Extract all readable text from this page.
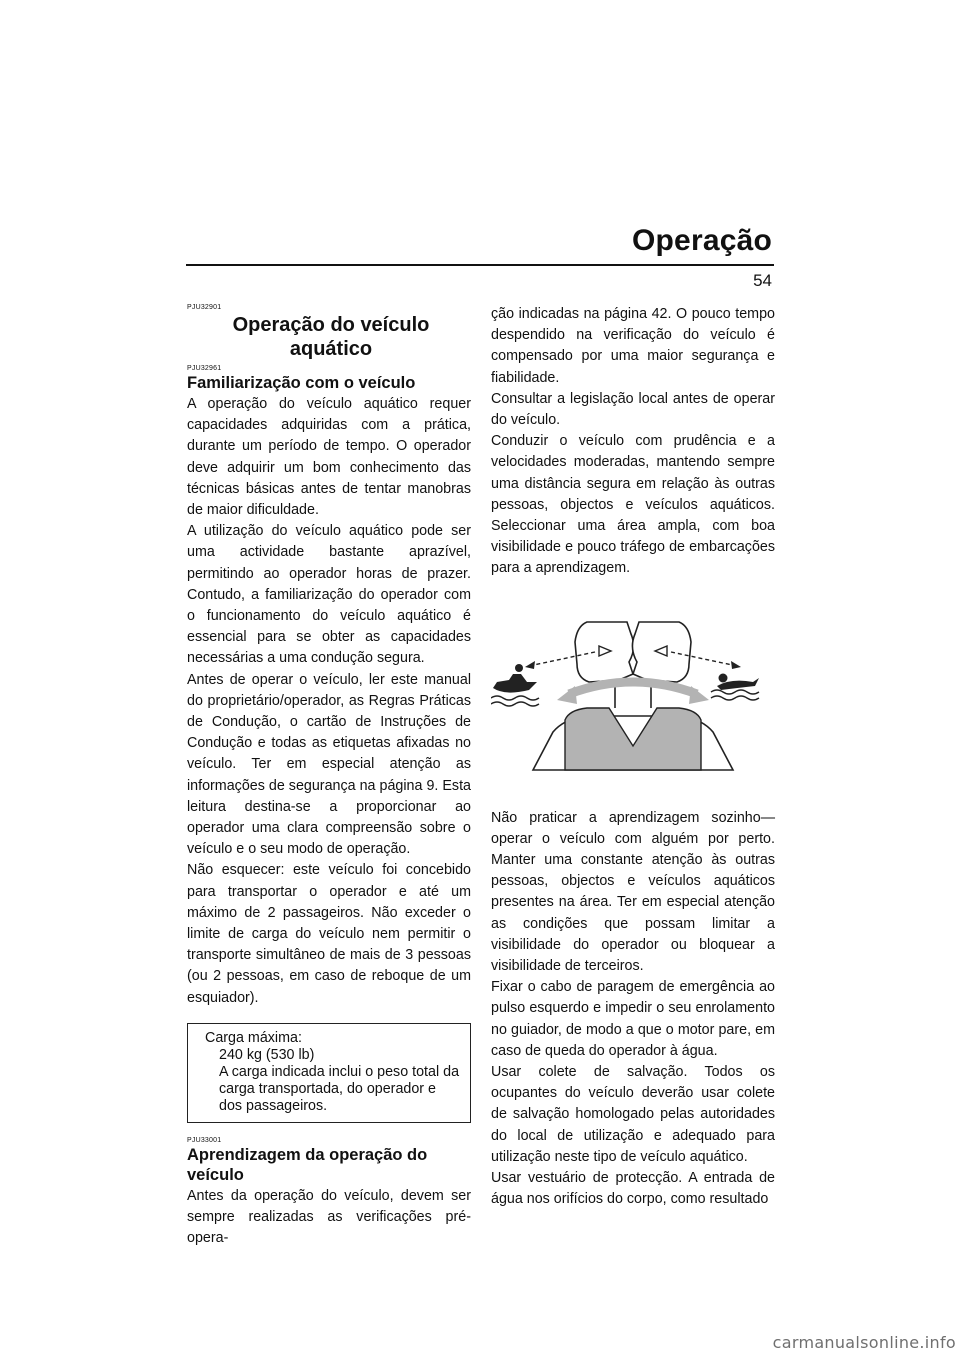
Operação
54

PJU32901

Operação do veículo aquático

PJU32961

Familiarização com o veículo

A operação do veículo aquático requer capacidades adquiridas com a prática, durante um período de tempo. O operador deve adquirir um bom conhecimento das técnicas básicas antes de tentar manobras de maior dificuldade.

A utilização do veículo aquático pode ser uma actividade bastante aprazível, permitindo ao operador horas de prazer. Contudo, a familiarização do operador com o funcionamento do veículo aquático é essencial para se obter as capacidades necessárias a uma condução segura.

Antes de operar o veículo, ler este manual do proprietário/operador, as Regras Práticas de Condução, o cartão de Instruções de Condução e todas as etiquetas afixadas no veículo. Ter em especial atenção as informações de segurança na página 9. Esta leitura destina-se a proporcionar ao operador uma clara compreensão sobre o veículo e o seu modo de operação.

Não esquecer: este veículo foi concebido para transportar o operador e até um máximo de 2 passageiros. Não exceder o limite de carga do veículo nem permitir o transporte simultâneo de mais de 3 pessoas (ou 2 pessoas, em caso de reboque de um esquiador).

Carga máxima:
240 kg (530 lb)
A carga indicada inclui o peso total da carga transportada, do operador e dos passageiros.

PJU33001

Aprendizagem da operação do veículo

Antes da operação do veículo, devem ser sempre realizadas as verificações pré-opera-

ção indicadas na página 42. O pouco tempo despendido na verificação do veículo é compensado por uma maior segurança e fiabilidade.

Consultar a legislação local antes de operar do veículo.

Conduzir o veículo com prudência e a velocidades moderadas, mantendo sempre uma distância segura em relação às outras pessoas, objectos e veículos aquáticos. Seleccionar uma área ampla, com boa visibilidade e pouco tráfego de embarcações para a aprendizagem.

Não praticar a aprendizagem sozinho—operar o veículo com alguém por perto. Manter uma constante atenção às outras pessoas, objectos e veículos aquáticos presentes na área. Ter em especial atenção as condições que possam limitar a visibilidade do operador ou bloquear a visibilidade de terceiros.

Fixar o cabo de paragem de emergência ao pulso esquerdo e impedir o seu enrolamento no guiador, de modo a que o motor pare, em caso de queda do operador à água.

Usar colete de salvação. Todos os ocupantes do veículo deverão usar colete de salvação homologado pelas autoridades do local de utilização e adequado para utilização neste tipo de veículo aquático.

Usar vestuário de protecção. A entrada de água nos orifícios do corpo, como resultado

carmanualsonline.info
